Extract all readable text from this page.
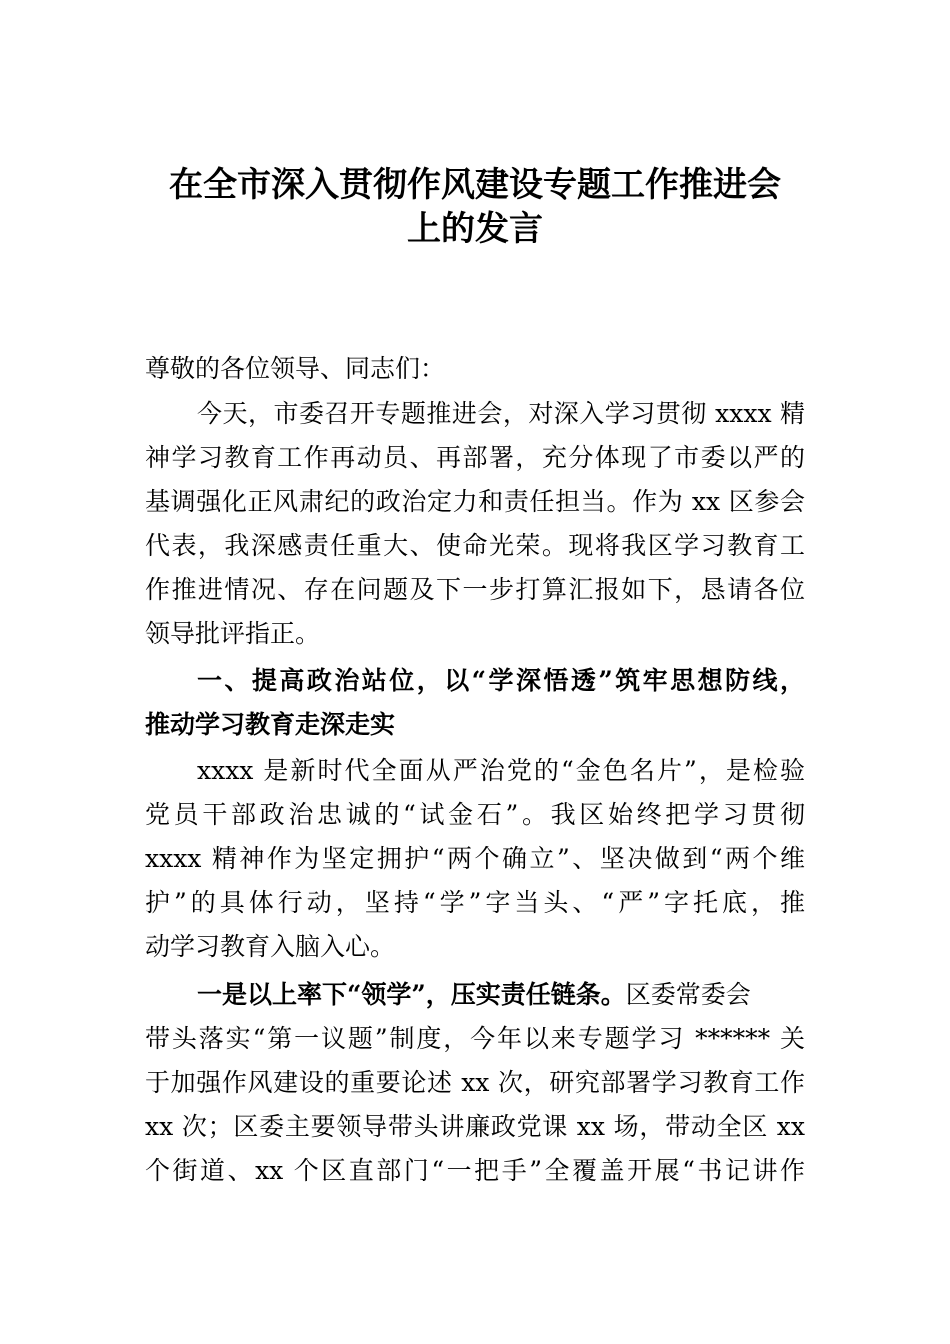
在全市深入贯彻作风建设专题工作推进会
上的发言
尊敬的各位领导、同志们：
今天，市委召开专题推进会，对深入学习贯彻 xxxx 精
神学习教育工作再动员、再部署，充分体现了市委以严的
基调强化正风肃纪的政治定力和责任担当。作为 xx 区参会
代表，我深感责任重大、使命光荣。现将我区学习教育工
作推进情况、存在问题及下一步打算汇报如下，恳请各位
领导批评指正。
一、提高政治站位，以“学深悟透”筑牢思想防线，
推动学习教育走深走实
xxxx 是新时代全面从严治党的“金色名片”，是检验
党员干部政治忠诚的“试金石”。我区始终把学习贯彻
xxxx 精神作为坚定拥护“两个确立”、坚决做到“两个维
护”的具体行动，坚持“学”字当头、“严”字托底，推
动学习教育入脑入心。
一是以上率下“领学”，压实责任链条。区委常委会
带头落实“第一议题”制度，今年以来专题学习 ****** 关
于加强作风建设的重要论述 xx 次，研究部署学习教育工作
xx 次；区委主要领导带头讲廉政党课 xx 场，带动全区 xx
个街道、xx 个区直部门“一把手”全覆盖开展“书记讲作
